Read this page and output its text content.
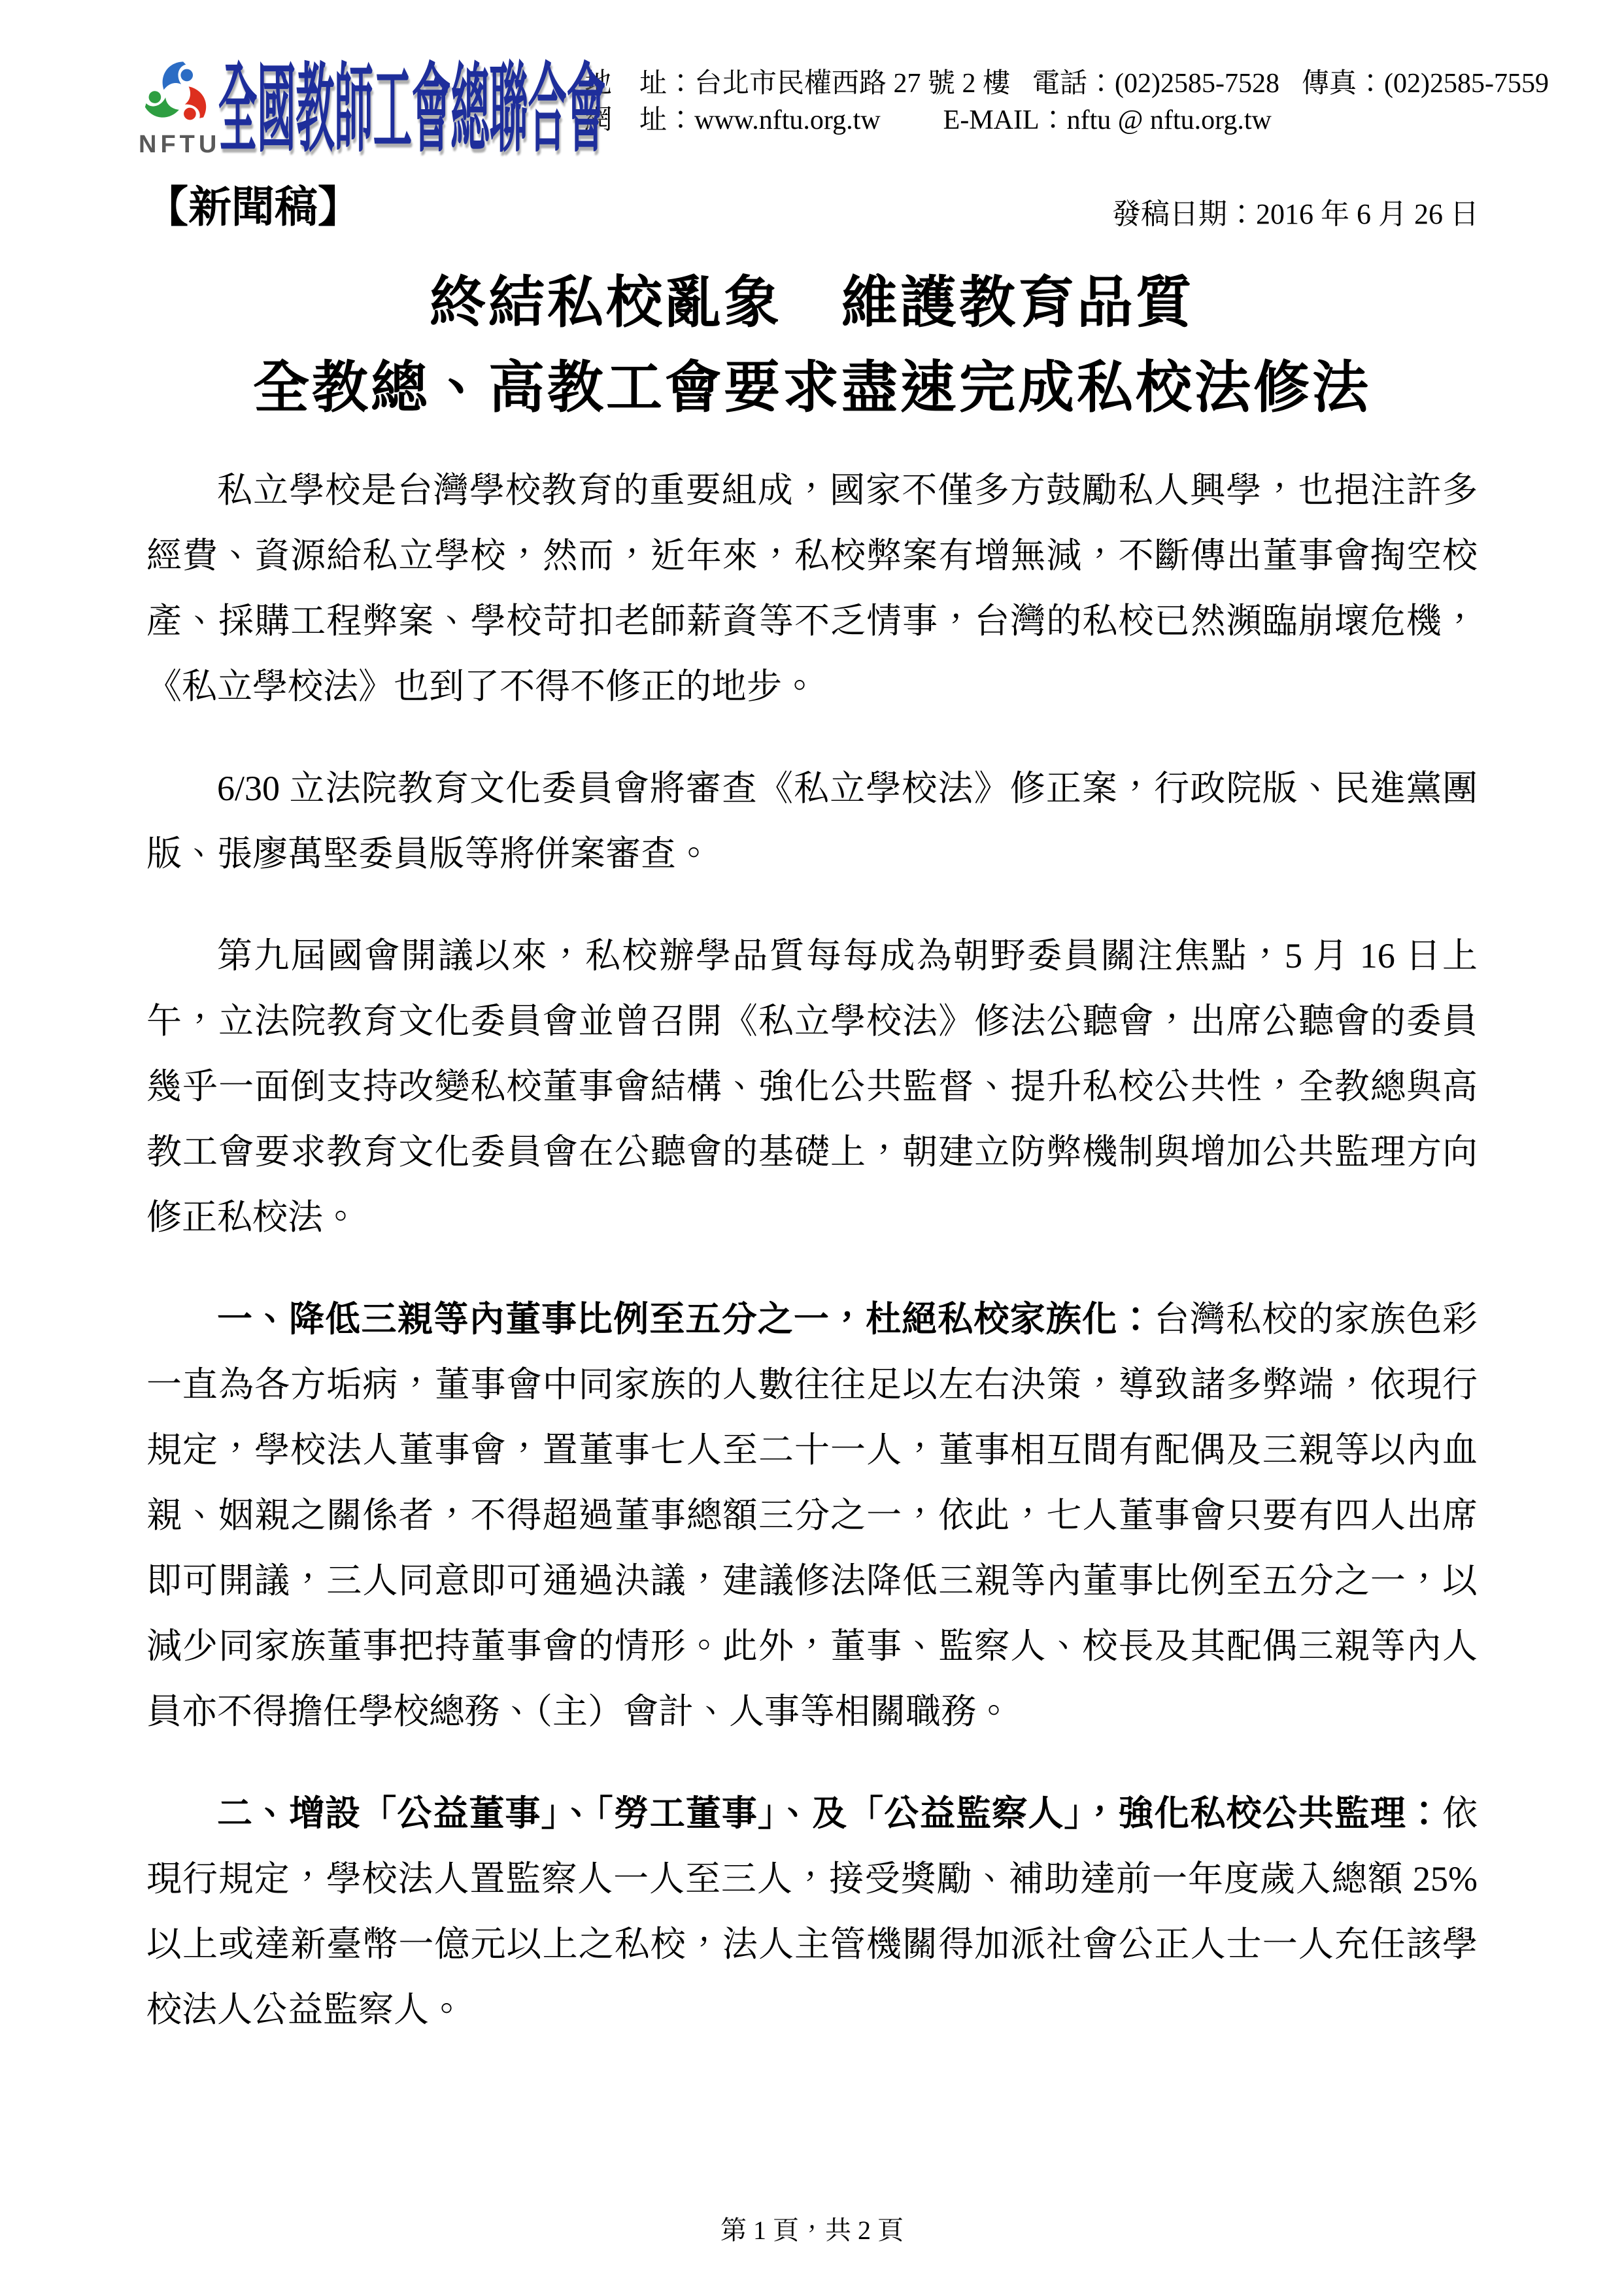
NFTU
全國教師工會總聯合會
地　址：台北市民權西路 27 號 2 樓 電話：(02)2585-7528 傳真：(02)2585-7559
網　址：www.nftu.org.tw E-MAIL：nftu @ nftu.org.tw
【新聞稿】	發稿日期：2016 年 6 月 26 日
終結私校亂象　維護教育品質
全教總、高教工會要求盡速完成私校法修法

私立學校是台灣學校教育的重要組成，國家不僅多方鼓勵私人興學，也挹注許多經費、資源給私立學校，然而，近年來，私校弊案有增無減，不斷傳出董事會掏空校產、採購工程弊案、學校苛扣老師薪資等不乏情事，台灣的私校已然瀕臨崩壞危機，《私立學校法》也到了不得不修正的地步。

6/30 立法院教育文化委員會將審查《私立學校法》修正案，行政院版、民進黨團版、張廖萬堅委員版等將併案審查。

第九屆國會開議以來，私校辦學品質每每成為朝野委員關注焦點，5 月 16 日上午，立法院教育文化委員會並曾召開《私立學校法》修法公聽會，出席公聽會的委員幾乎一面倒支持改變私校董事會結構、強化公共監督、提升私校公共性，全教總與高教工會要求教育文化委員會在公聽會的基礎上，朝建立防弊機制與增加公共監理方向修正私校法。

一、降低三親等內董事比例至五分之一，杜絕私校家族化：台灣私校的家族色彩一直為各方垢病，董事會中同家族的人數往往足以左右決策，導致諸多弊端，依現行規定，學校法人董事會，置董事七人至二十一人，董事相互間有配偶及三親等以內血親、姻親之關係者，不得超過董事總額三分之一，依此，七人董事會只要有四人出席即可開議，三人同意即可通過決議，建議修法降低三親等內董事比例至五分之一，以減少同家族董事把持董事會的情形。此外，董事、監察人、校長及其配偶三親等內人員亦不得擔任學校總務、（主）會計、人事等相關職務。

二、增設「公益董事」、「勞工董事」、及「公益監察人」，強化私校公共監理：依現行規定，學校法人置監察人一人至三人，接受獎勵、補助達前一年度歲入總額 25%以上或達新臺幣一億元以上之私校，法人主管機關得加派社會公正人士一人充任該學校法人公益監察人。

第 1 頁，共 2 頁
